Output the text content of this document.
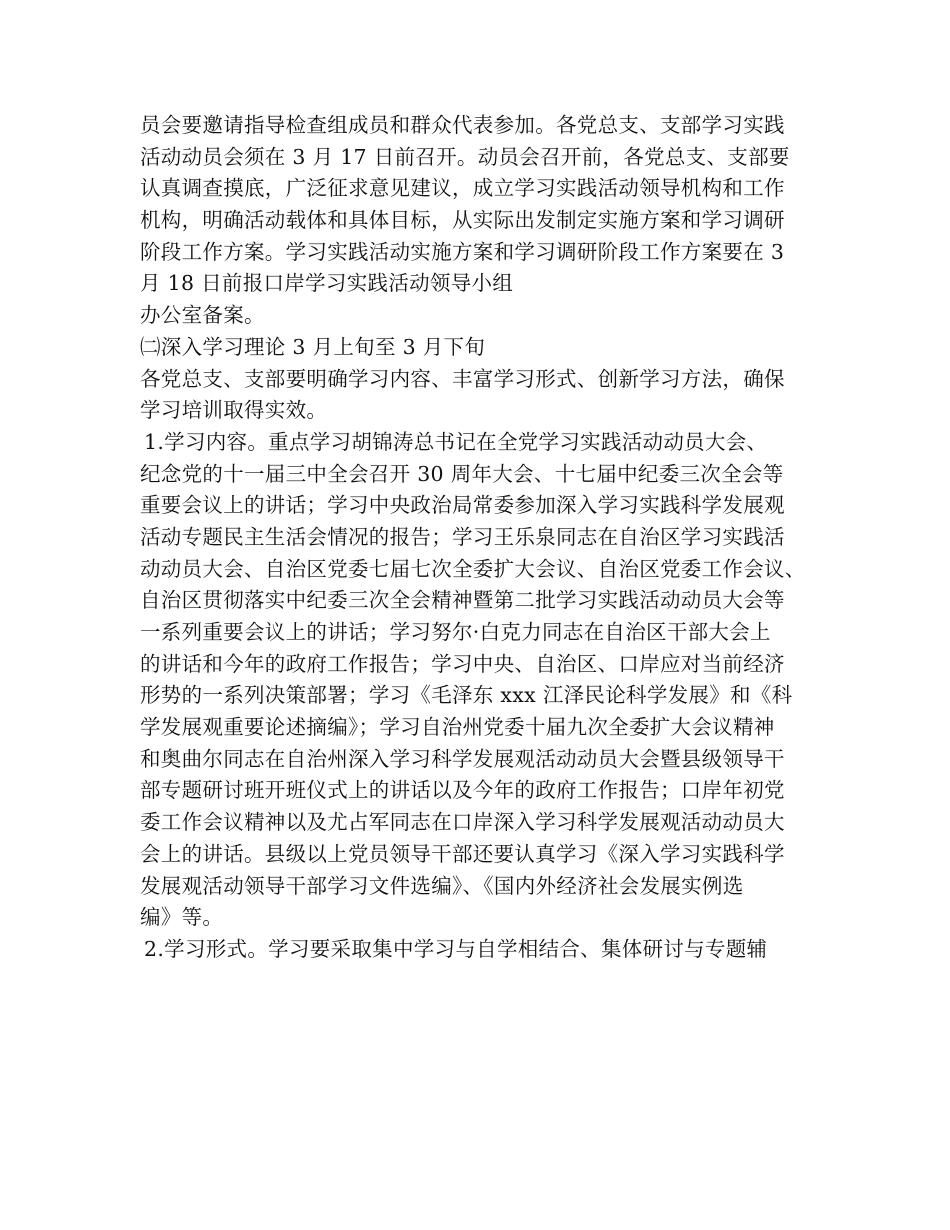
员会要邀请指导检查组成员和群众代表参加。各党总支、支部学习实践
活动动员会须在 3 月 17 日前召开。动员会召开前，各党总支、支部要
认真调查摸底，广泛征求意见建议，成立学习实践活动领导机构和工作
机构，明确活动载体和具体目标，从实际出发制定实施方案和学习调研
阶段工作方案。学习实践活动实施方案和学习调研阶段工作方案要在 3
月 18 日前报口岸学习实践活动领导小组
办公室备案。
㈡深入学习理论 3 月上旬至 3 月下旬
各党总支、支部要明确学习内容、丰富学习形式、创新学习方法，确保
学习培训取得实效。
1.学习内容。重点学习胡锦涛总书记在全党学习实践活动动员大会、
纪念党的十一届三中全会召开 30 周年大会、十七届中纪委三次全会等
重要会议上的讲话；学习中央政治局常委参加深入学习实践科学发展观
活动专题民主生活会情况的报告；学习王乐泉同志在自治区学习实践活
动动员大会、自治区党委七届七次全委扩大会议、自治区党委工作会议、
自治区贯彻落实中纪委三次全会精神暨第二批学习实践活动动员大会等
一系列重要会议上的讲话；学习努尔·白克力同志在自治区干部大会上
的讲话和今年的政府工作报告；学习中央、自治区、口岸应对当前经济
形势的一系列决策部署；学习《毛泽东 xxx 江泽民论科学发展》和《科
学发展观重要论述摘编》；学习自治州党委十届九次全委扩大会议精神
和奥曲尔同志在自治州深入学习科学发展观活动动员大会暨县级领导干
部专题研讨班开班仪式上的讲话以及今年的政府工作报告；口岸年初党
委工作会议精神以及尤占军同志在口岸深入学习科学发展观活动动员大
会上的讲话。县级以上党员领导干部还要认真学习《深入学习实践科学
发展观活动领导干部学习文件选编》、《国内外经济社会发展实例选
编》等。
2.学习形式。学习要采取集中学习与自学相结合、集体研讨与专题辅
